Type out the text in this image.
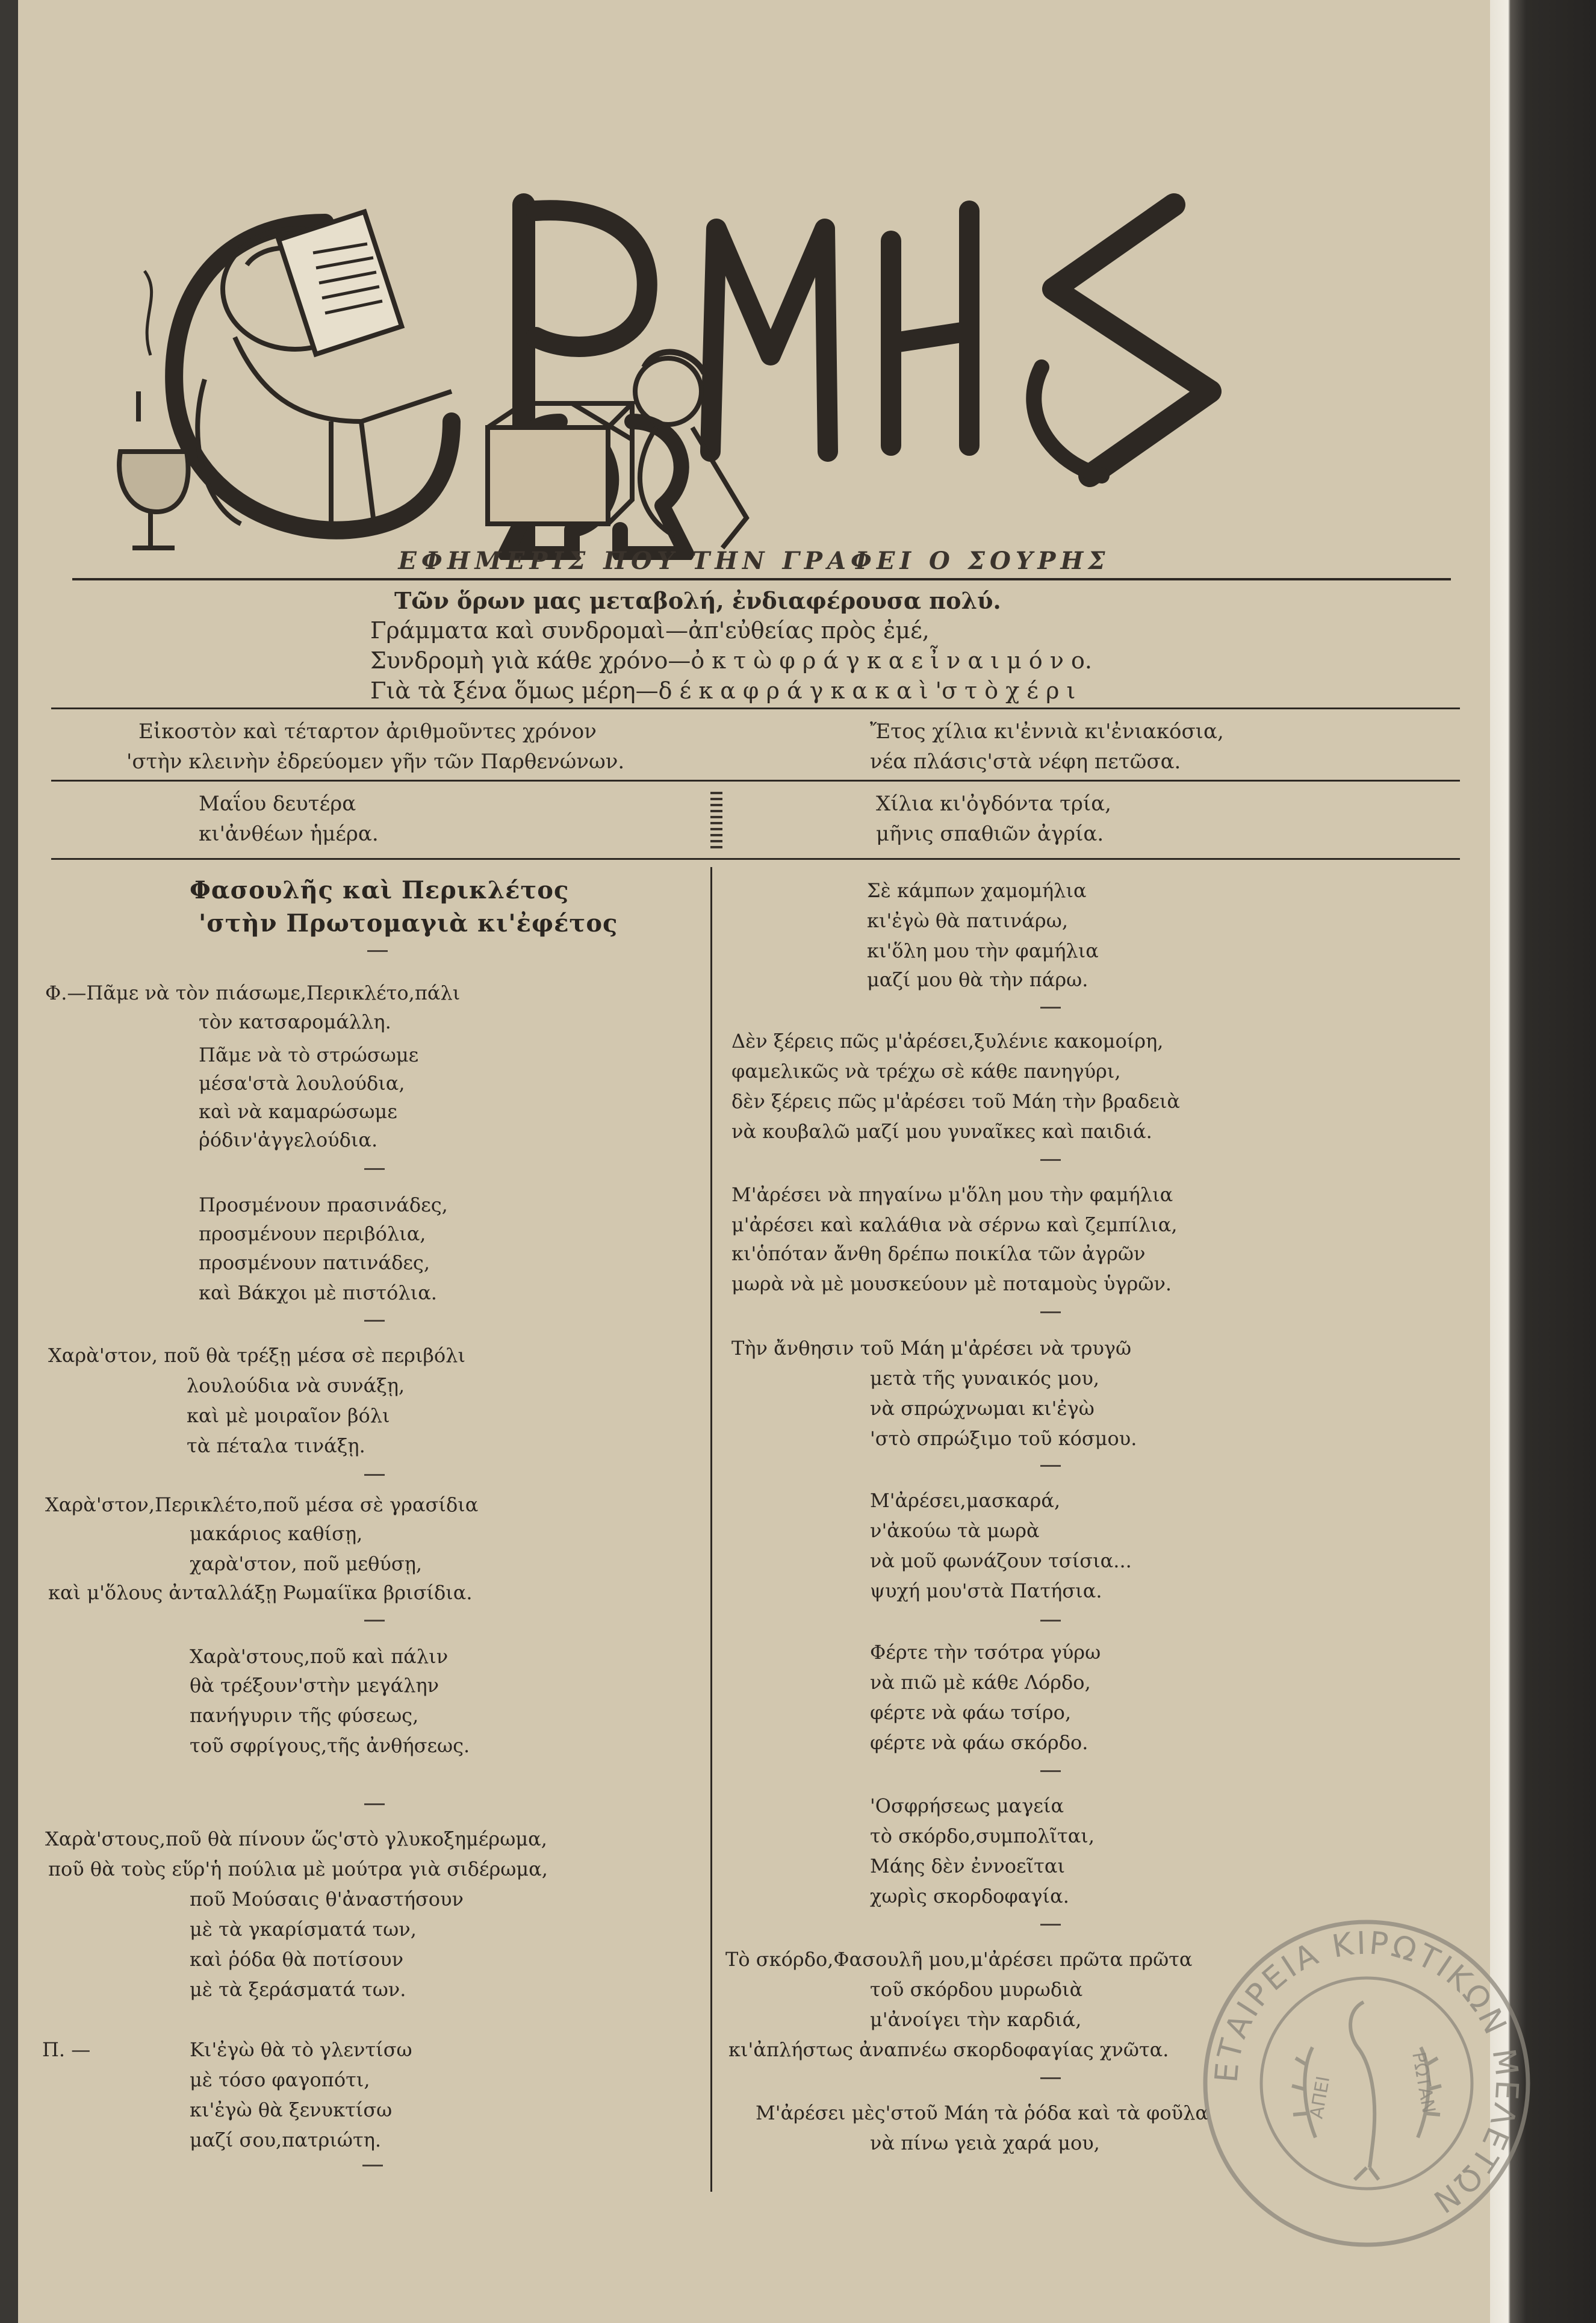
ΕΦΗΜΕΡΙΣ ΠΟΥ ΤΗΝ ΓΡΑΦΕΙ Ο ΣΟΥΡΗΣ
Τῶν ὅρων μας μεταβολή, ἐνδιαφέρουσα πολύ.
Γράμματα καὶ συνδρομαὶ—ἀπ'εὐθείας πρὸς ἐμέ,
Συνδρομὴ γιὰ κάθε χρόνο—ὀ κ τ ὼ φ ρ ά γ κ α ε ἶ ν α ι μ ό ν ο.
Γιὰ τὰ ξένα ὅμως μέρη—δ έ κ α φ ρ ά γ κ α κ α ὶ 'σ τ ὸ χ έ ρ ι
Εἰκοστὸν καὶ τέταρτον ἀριθμοῦντες χρόνον
'στὴν κλεινὴν ἐδρεύομεν γῆν τῶν Παρθενώνων.
Ἔτος χίλια κι'ἐννιὰ κι'ἐνιακόσια,
νέα πλάσις'στὰ νέφη πετῶσα.
Μαΐου δευτέρα
κι'ἀνθέων ἡμέρα.
Χίλια κι'ὀγδόντα τρία,
μῆνις σπαθιῶν ἀγρία.
Φασουλῆς καὶ Περικλέτος
'στὴν Πρωτομαγιὰ κι'ἐφέτος
Φ.—Πᾶμε νὰ τὸν πιάσωμε,Περικλέτο,πάλι
τὸν κατσαρομάλλη.
Πᾶμε νὰ τὸ στρώσωμε
μέσα'στὰ λουλούδια,
καὶ νὰ καμαρώσωμε
ῥόδιν'ἀγγελούδια.
Προσμένουν πρασινάδες,
προσμένουν περιβόλια,
προσμένουν πατινάδες,
καὶ Βάκχοι μὲ πιστόλια.
Χαρὰ'στον, ποῦ θὰ τρέξῃ μέσα σὲ περιβόλι
λουλούδια νὰ συνάξῃ,
καὶ μὲ μοιραῖον βόλι
τὰ πέταλα τινάξῃ.
Χαρὰ'στον,Περικλέτο,ποῦ μέσα σὲ γρασίδια
μακάριος καθίσῃ,
χαρὰ'στον, ποῦ μεθύσῃ,
καὶ μ'ὅλους ἀνταλλάξῃ Ρωμαίϊκα βρισίδια.
Χαρὰ'στους,ποῦ καὶ πάλιν
θὰ τρέξουν'στὴν μεγάλην
πανήγυριν τῆς φύσεως,
τοῦ σφρίγους,τῆς ἀνθήσεως.
Χαρὰ'στους,ποῦ θὰ πίνουν ὥς'στὸ γλυκοξημέρωμα,
ποῦ θὰ τοὺς εὕρ'ἡ πούλια μὲ μούτρα γιὰ σιδέρωμα,
ποῦ Μούσαις θ'ἀναστήσουν
μὲ τὰ γκαρίσματά των,
καὶ ῥόδα θὰ ποτίσουν
μὲ τὰ ξεράσματά των.
Π. —	Κι'ἐγὼ θὰ τὸ γλεντίσω
μὲ τόσο φαγοπότι,
κι'ἐγὼ θὰ ξενυκτίσω
μαζί σου,πατριώτη.
Σὲ κάμπων χαμομήλια
κι'ἐγὼ θὰ πατινάρω,
κι'ὅλη μου τὴν φαμήλια
μαζί μου θὰ τὴν πάρω.
Δὲν ξέρεις πῶς μ'ἀρέσει,ξυλένιε κακομοίρη,
φαμελικῶς νὰ τρέχω σὲ κάθε πανηγύρι,
δὲν ξέρεις πῶς μ'ἀρέσει τοῦ Μάη τὴν βραδειὰ
νὰ κουβαλῶ μαζί μου γυναῖκες καὶ παιδιά.
Μ'ἀρέσει νὰ πηγαίνω μ'ὅλη μου τὴν φαμήλια
μ'ἀρέσει καὶ καλάθια νὰ σέρνω καὶ ζεμπίλια,
κι'ὁπόταν ἄνθη δρέπω ποικίλα τῶν ἀγρῶν
μωρὰ νὰ μὲ μουσκεύουν μὲ ποταμοὺς ὑγρῶν.
Τὴν ἄνθησιν τοῦ Μάη μ'ἀρέσει νὰ τρυγῶ
μετὰ τῆς γυναικός μου,
νὰ σπρώχνωμαι κι'ἐγὼ
'στὸ σπρώξιμο τοῦ κόσμου.
Μ'ἀρέσει,μασκαρά,
ν'ἀκούω τὰ μωρὰ
νὰ μοῦ φωνάζουν τσίσια...
ψυχή μου'στὰ Πατήσια.
Φέρτε τὴν τσότρα γύρω
νὰ πιῶ μὲ κάθε Λόρδο,
φέρτε νὰ φάω τσίρο,
φέρτε νὰ φάω σκόρδο.
'Οσφρήσεως μαγεία
τὸ σκόρδο,συμπολῖται,
Μάης δὲν ἐννοεῖται
χωρὶς σκορδοφαγία.
Τὸ σκόρδο,Φασουλῆ μου,μ'ἀρέσει πρῶτα πρῶτα
τοῦ σκόρδου μυρωδιὰ
μ'ἀνοίγει τὴν καρδιά,
κι'ἀπλήστως ἀναπνέω σκορδοφαγίας χνῶτα.
Μ'ἀρέσει μὲς'στοῦ Μάη τὰ ῥόδα καὶ τὰ φοῦλα
νὰ πίνω γειὰ χαρά μου,
ΕΤΑΙΡΕΙΑ ΚΙΡΩΤΙΚΩΝ ΜΕΛΕΤΩΝ
ΑΠΕΙ	ΡΩΤΑΝ
